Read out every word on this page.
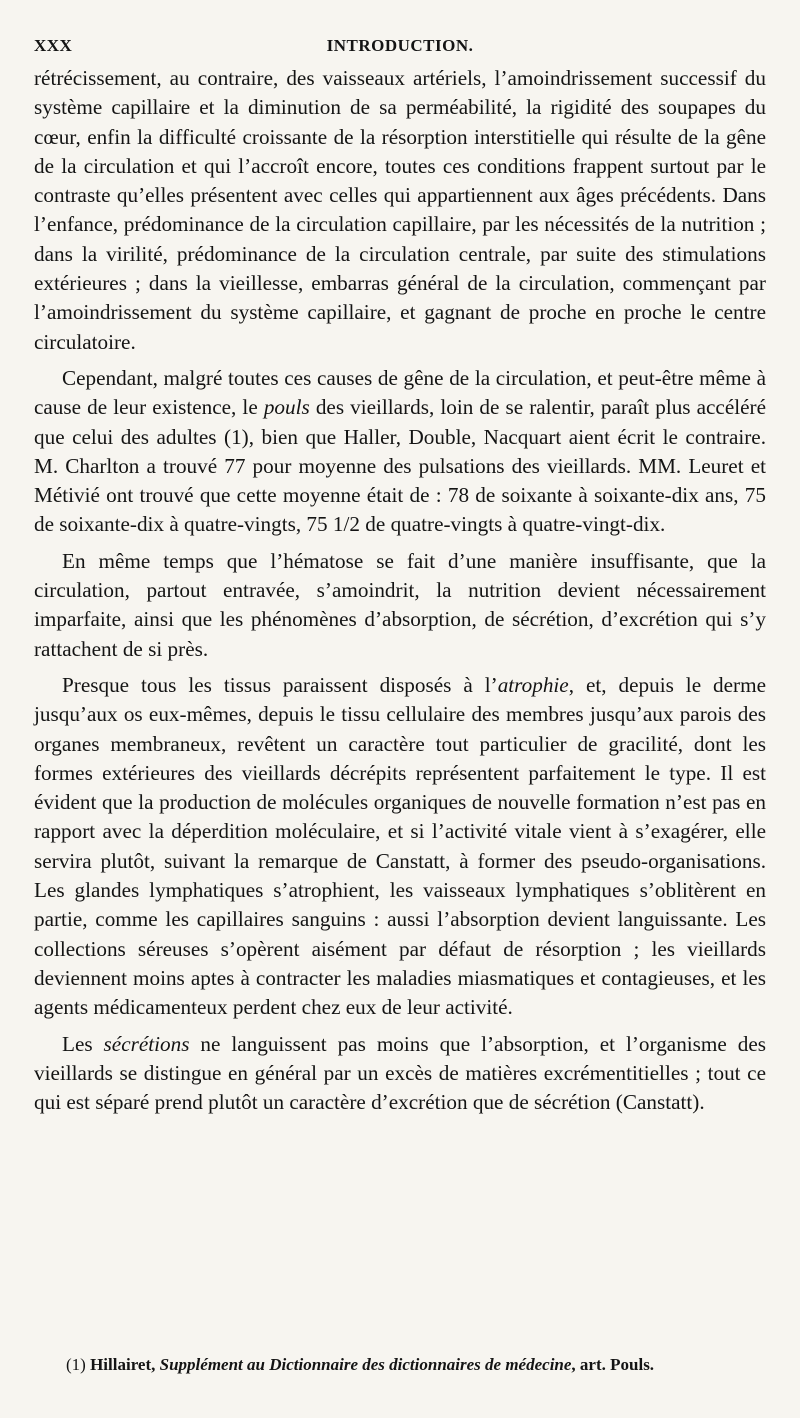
XXX	INTRODUCTION.

rétrécissement, au contraire, des vaisseaux artériels, l’amoindrissement successif du système capillaire et la diminution de sa perméabilité, la rigidité des soupapes du cœur, enfin la difficulté croissante de la résorption interstitielle qui résulte de la gêne de la circulation et qui l’accroît encore, toutes ces conditions frappent surtout par le contraste qu’elles présentent avec celles qui appartiennent aux âges précédents. Dans l’enfance, prédominance de la circulation capillaire, par les nécessités de la nutrition ; dans la virilité, prédominance de la circulation centrale, par suite des stimulations extérieures ; dans la vieillesse, embarras général de la circulation, commençant par l’amoindrissement du système capillaire, et gagnant de proche en proche le centre circulatoire.

Cependant, malgré toutes ces causes de gêne de la circulation, et peut-être même à cause de leur existence, le pouls des vieillards, loin de se ralentir, paraît plus accéléré que celui des adultes (1), bien que Haller, Double, Nacquart aient écrit le contraire. M. Charlton a trouvé 77 pour moyenne des pulsations des vieillards. MM. Leuret et Métivié ont trouvé que cette moyenne était de : 78 de soixante à soixante-dix ans, 75 de soixante-dix à quatre-vingts, 75 1/2 de quatre-vingts à quatre-vingt-dix.

En même temps que l’hématose se fait d’une manière insuffisante, que la circulation, partout entravée, s’amoindrit, la nutrition devient nécessairement imparfaite, ainsi que les phénomènes d’absorption, de sécrétion, d’excrétion qui s’y rattachent de si près.

Presque tous les tissus paraissent disposés à l’atrophie, et, depuis le derme jusqu’aux os eux-mêmes, depuis le tissu cellulaire des membres jusqu’aux parois des organes membraneux, revêtent un caractère tout particulier de gracilité, dont les formes extérieures des vieillards décrépits représentent parfaitement le type. Il est évident que la production de molécules organiques de nouvelle formation n’est pas en rapport avec la déperdition moléculaire, et si l’activité vitale vient à s’exagérer, elle servira plutôt, suivant la remarque de Canstatt, à former des pseudo-organisations. Les glandes lymphatiques s’atrophient, les vaisseaux lymphatiques s’oblitèrent en partie, comme les capillaires sanguins : aussi l’absorption devient languissante. Les collections séreuses s’opèrent aisément par défaut de résorption ; les vieillards deviennent moins aptes à contracter les maladies miasmatiques et contagieuses, et les agents médicamenteux perdent chez eux de leur activité.

Les sécrétions ne languissent pas moins que l’absorption, et l’organisme des vieillards se distingue en général par un excès de matières excrémentitielles ; tout ce qui est séparé prend plutôt un caractère d’excrétion que de sécrétion (Canstatt).

(1) Hillairet, Supplément au Dictionnaire des dictionnaires de médecine, art. Pouls.
